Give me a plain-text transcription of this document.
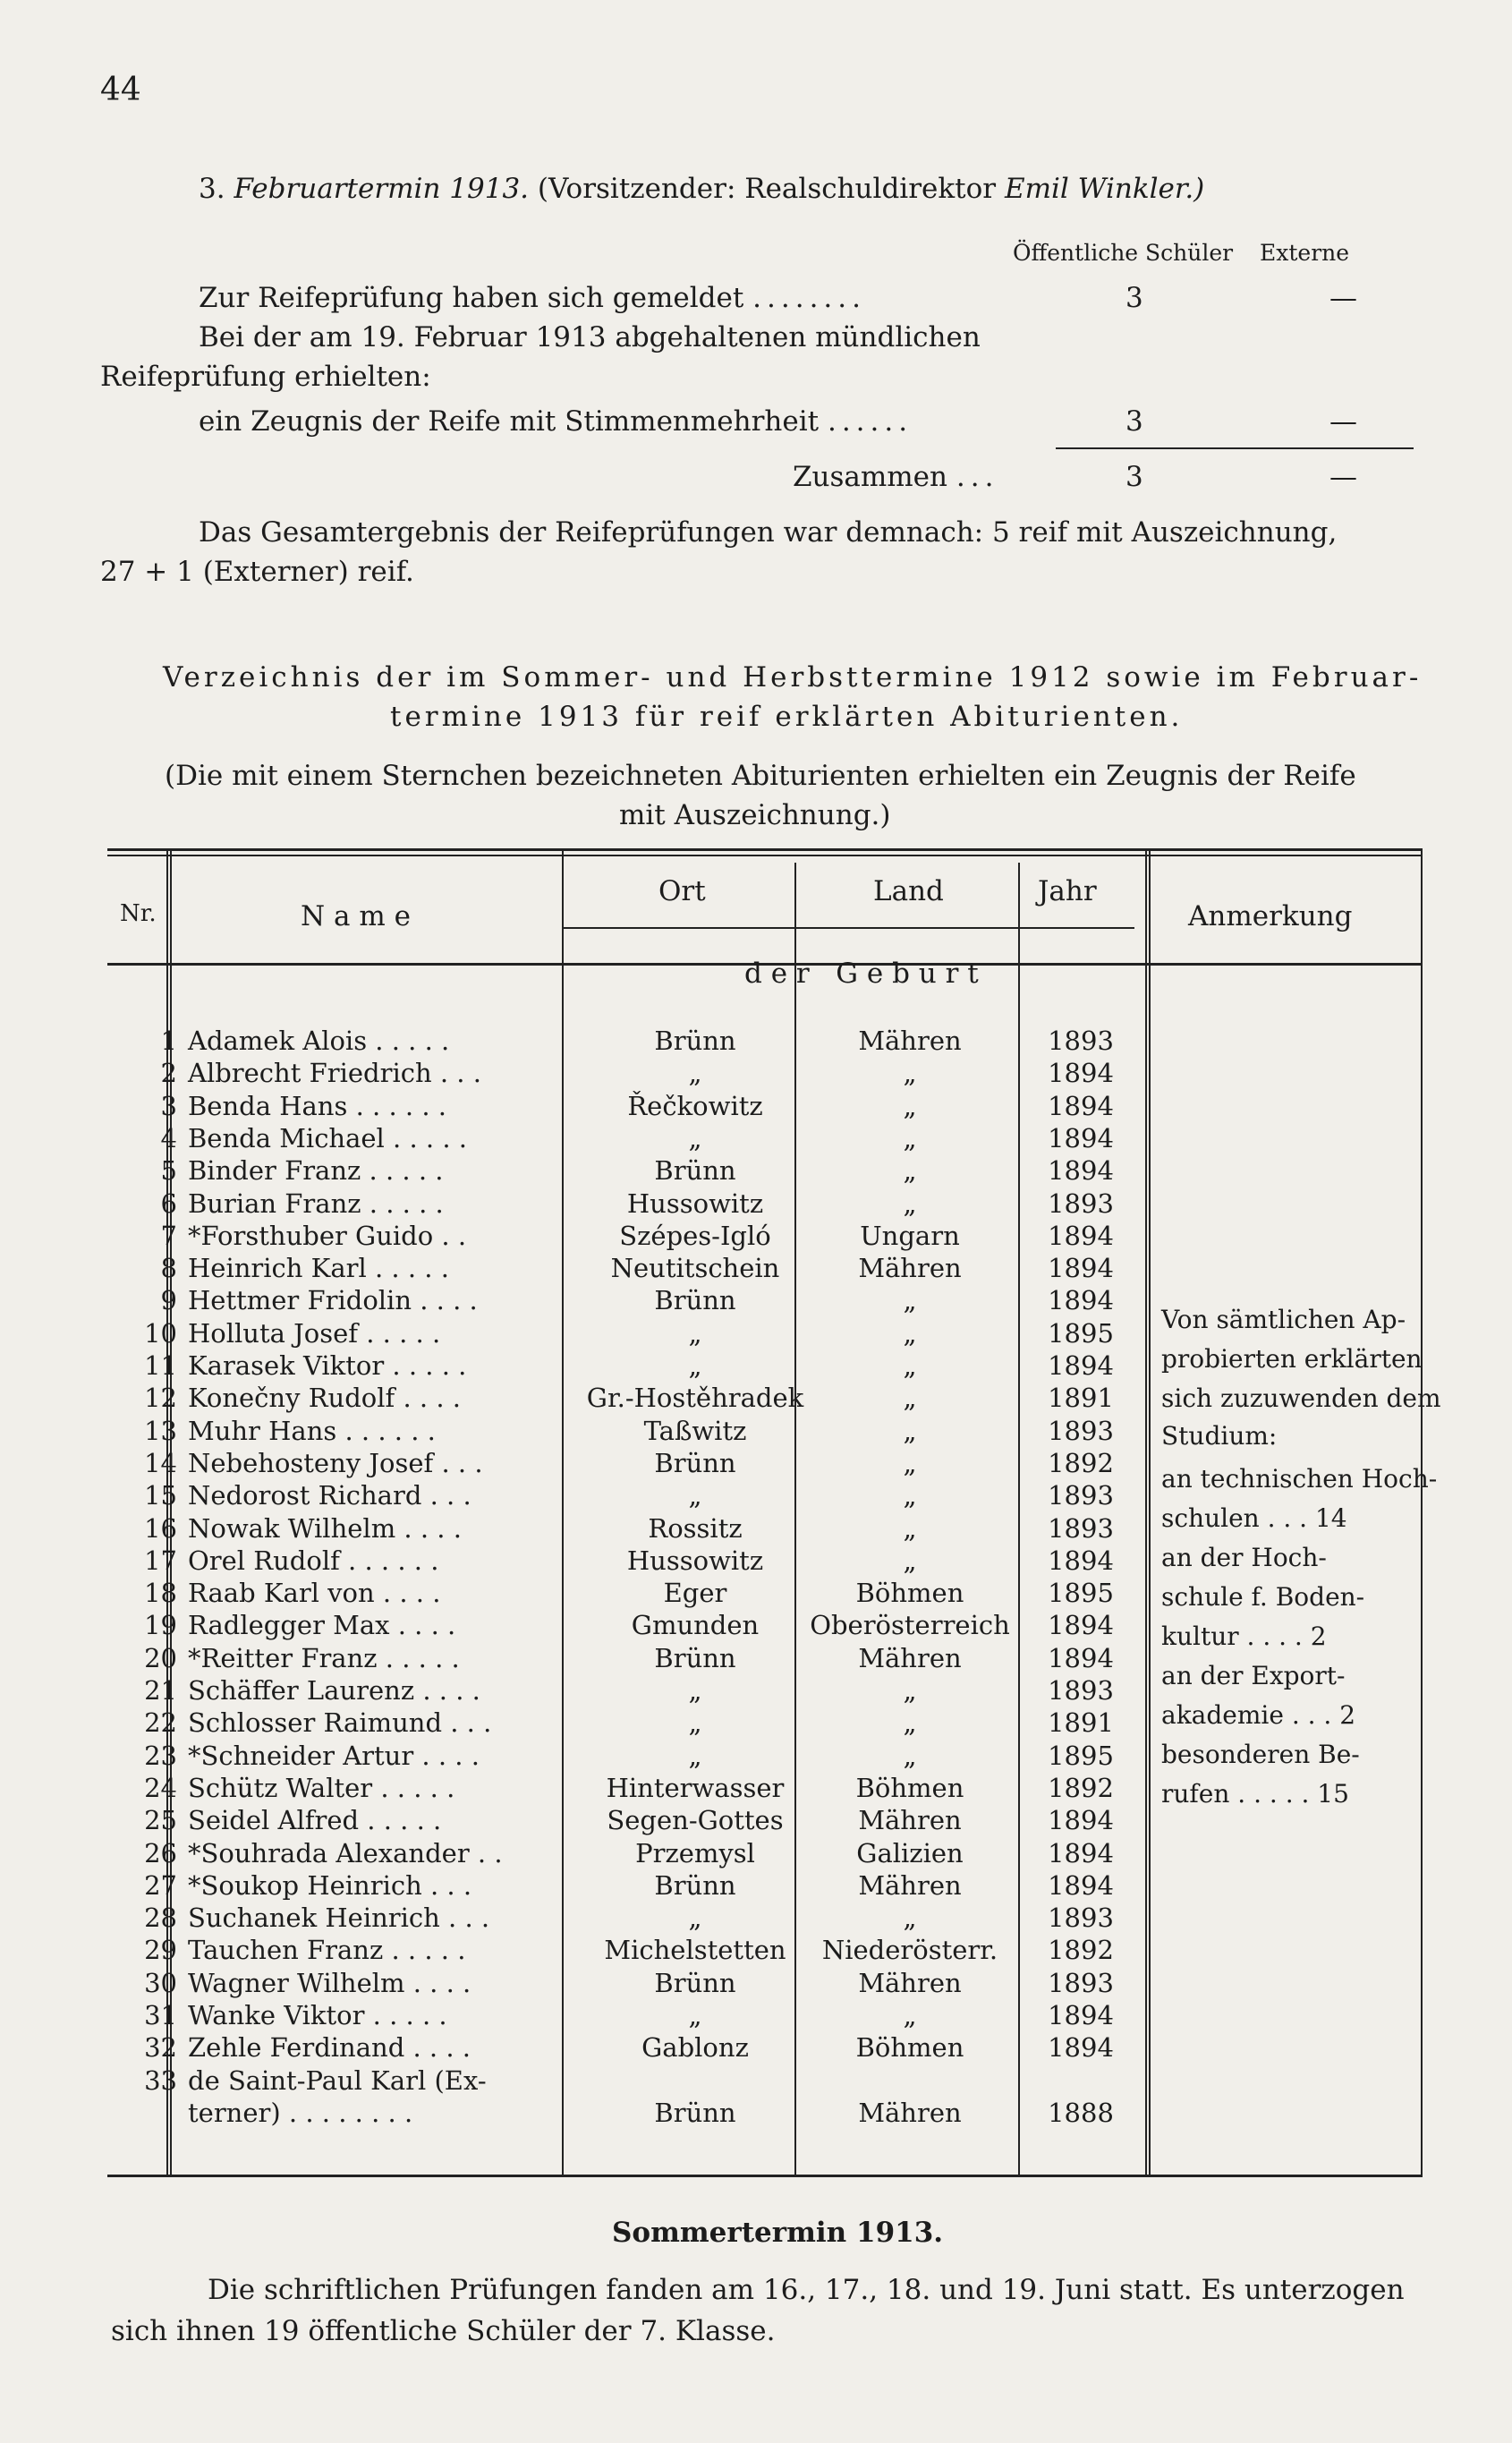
44
3. Februartermin 1913. (Vorsitzender: Realschuldirektor Emil Winkler.)
Öffentliche Schüler Externe
Zur Reifeprüfung haben sich gemeldet ........	3	—
Bei der am 19. Februar 1913 abgehaltenen mündlichen
Reifeprüfung erhielten:
ein Zeugnis der Reife mit Stimmenmehrheit ......	3	—
Zusammen ...	3	—
Das Gesamtergebnis der Reifeprüfungen war demnach: 5 reif mit Auszeichnung,
27 + 1 (Externer) reif.
Verzeichnis der im Sommer- und Herbsttermine 1912 sowie im Februar-
termine 1913 für reif erklärten Abiturienten.
(Die mit einem Sternchen bezeichneten Abiturienten erhielten ein Zeugnis der Reife
mit Auszeichnung.)
Nr.	N a m e
Ort	Land	Jahr
d e r   G e b u r t
Anmerkung
1 Adamek Alois . . . . .	Brünn	Mähren	1893
2 Albrecht Friedrich . . .	„	„	1894
3 Benda Hans . . . . . .	Řečkowitz	„	1894
4 Benda Michael . . . . .	„	„	1894
5 Binder Franz . . . . .	Brünn	„	1894
6 Burian Franz . . . . .	Hussowitz	„	1893
7 *Forsthuber Guido . .	Szépes-Igló	Ungarn	1894
8 Heinrich Karl . . . . .	Neutitschein	Mähren	1894
9 Hettmer Fridolin . . . .	Brünn	„	1894
10 Holluta Josef . . . . .	„	„	1895
11 Karasek Viktor . . . . .	„	„	1894
12 Konečny Rudolf . . . .	Gr.-Hostěhradek	„	1891
13 Muhr Hans . . . . . .	Taßwitz	„	1893
14 Nebehosteny Josef . . .	Brünn	„	1892
15 Nedorost Richard . . .	„	„	1893
16 Nowak Wilhelm . . . .	Rossitz	„	1893
17 Orel Rudolf . . . . . .	Hussowitz	„	1894
18 Raab Karl von . . . .	Eger	Böhmen	1895
19 Radlegger Max . . . .	Gmunden	Oberösterreich	1894
20 *Reitter Franz . . . . .	Brünn	Mähren	1894
21 Schäffer Laurenz . . . .	„	„	1893
22 Schlosser Raimund . . .	„	„	1891
23 *Schneider Artur . . . .	„	„	1895
24 Schütz Walter . . . . .	Hinterwasser	Böhmen	1892
25 Seidel Alfred . . . . .	Segen-Gottes	Mähren	1894
26 *Souhrada Alexander . .	Przemysl	Galizien	1894
27 *Soukop Heinrich . . .	Brünn	Mähren	1894
28 Suchanek Heinrich . . .	„	„	1893
29 Tauchen Franz . . . . .	Michelstetten	Niederösterr.	1892
30 Wagner Wilhelm . . . .	Brünn	Mähren	1893
31 Wanke Viktor . . . . .	„	„	1894
32 Zehle Ferdinand . . . .	Gablonz	Böhmen	1894
33 de Saint-Paul Karl (Ex-
terner) . . . . . . . .	Brünn	Mähren	1888
Von sämtlichen Ap-
probierten erklärten
sich zuzuwenden dem
Studium:
an technischen Hoch-
schulen . . . 14
an der Hoch-
schule f. Boden-
kultur . . . . 2
an der Export-
akademie . . . 2
besonderen Be-
rufen . . . . . 15
Sommertermin 1913.
Die schriftlichen Prüfungen fanden am 16., 17., 18. und 19. Juni statt. Es unterzogen
sich ihnen 19 öffentliche Schüler der 7. Klasse.
